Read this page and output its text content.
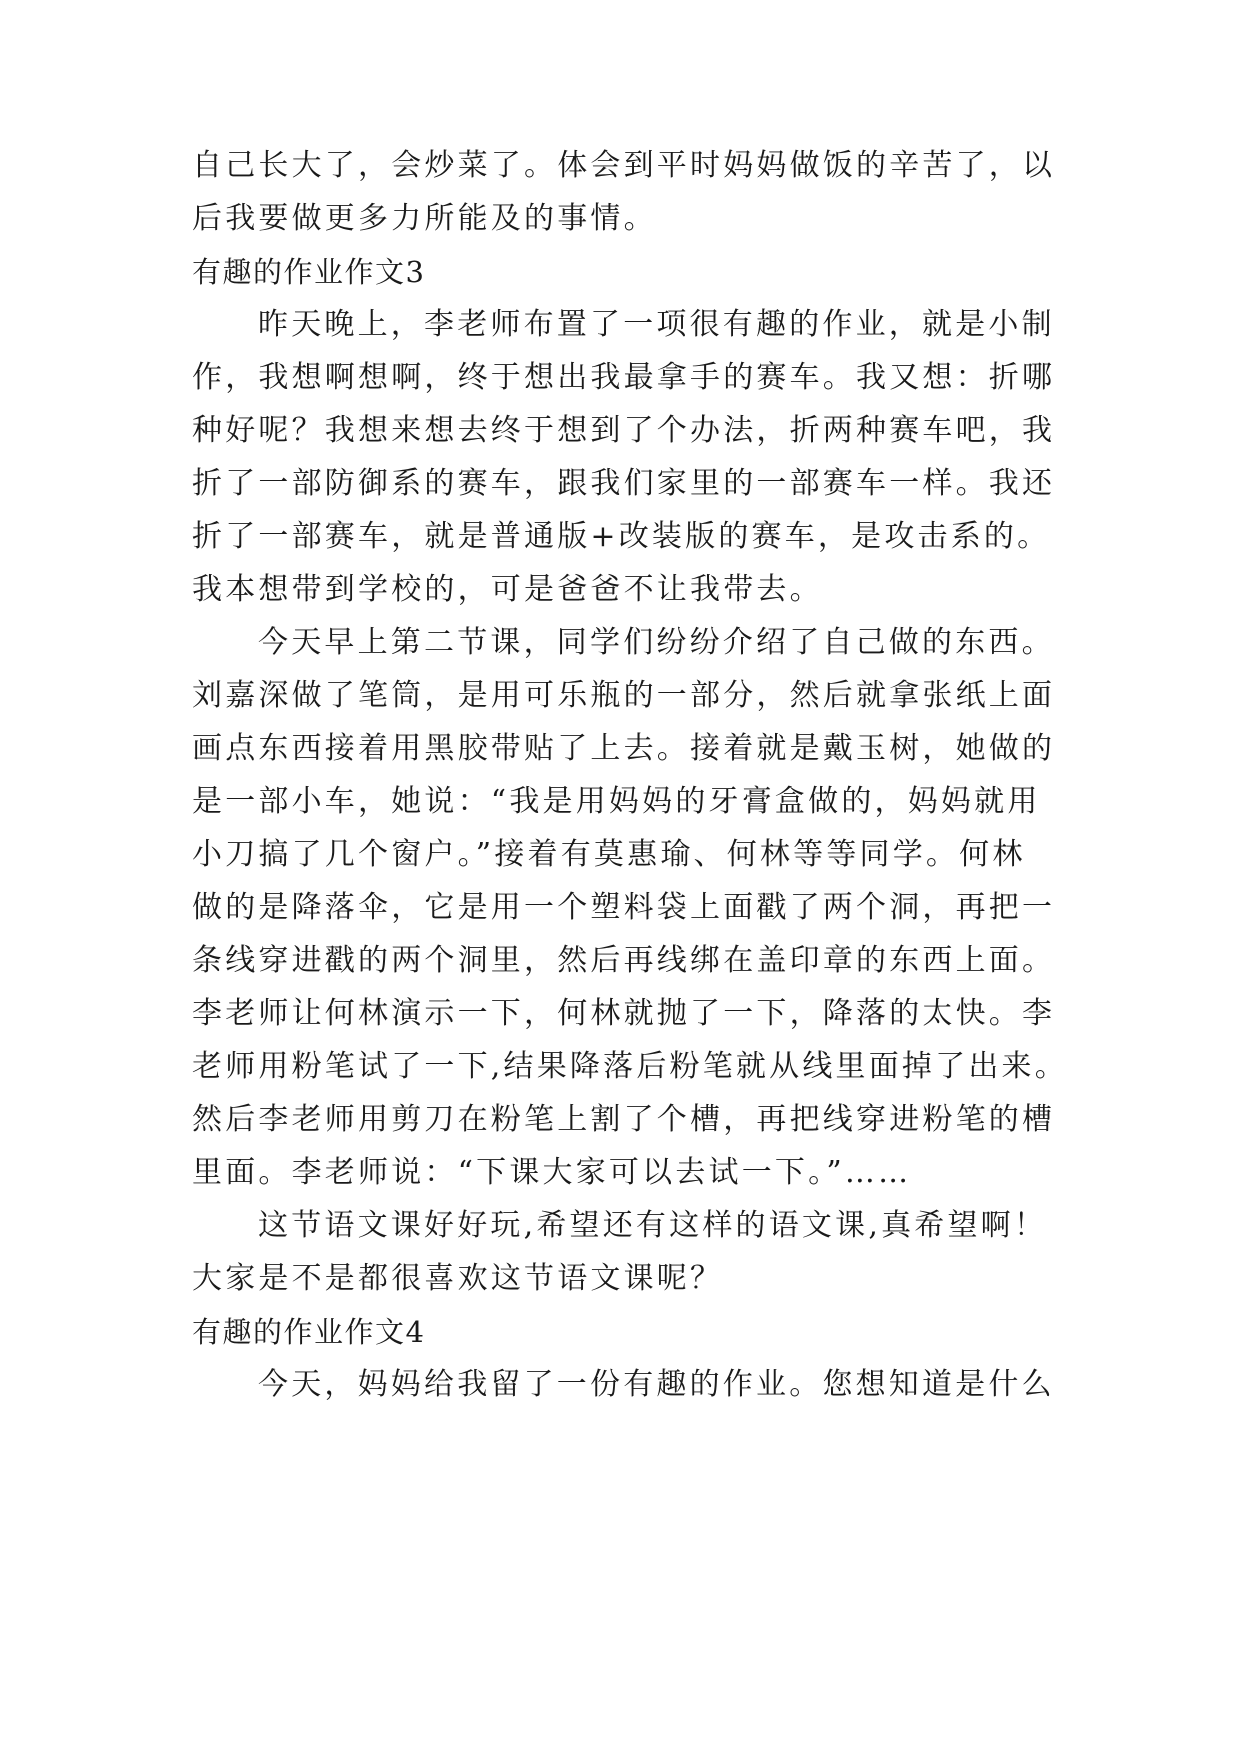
自己长大了，会炒菜了。体会到平时妈妈做饭的辛苦了，以
后我要做更多力所能及的事情。
有趣的作业作文3
昨天晚上，李老师布置了一项很有趣的作业，就是小制
作，我想啊想啊，终于想出我最拿手的赛车。我又想：折哪
种好呢？我想来想去终于想到了个办法，折两种赛车吧，我
折了一部防御系的赛车，跟我们家里的一部赛车一样。我还
折了一部赛车，就是普通版+改装版的赛车，是攻击系的。
我本想带到学校的，可是爸爸不让我带去。
今天早上第二节课，同学们纷纷介绍了自己做的东西。
刘嘉深做了笔筒，是用可乐瓶的一部分，然后就拿张纸上面
画点东西接着用黑胶带贴了上去。接着就是戴玉树，她做的
是一部小车，她说：“我是用妈妈的牙膏盒做的，妈妈就用
小刀搞了几个窗户。”接着有莫惠瑜、何林等等同学。何林
做的是降落伞，它是用一个塑料袋上面戳了两个洞，再把一
条线穿进戳的两个洞里，然后再线绑在盖印章的东西上面。
李老师让何林演示一下，何林就抛了一下，降落的太快。李
老师用粉笔试了一下,结果降落后粉笔就从线里面掉了出来。
然后李老师用剪刀在粉笔上割了个槽，再把线穿进粉笔的槽
里面。李老师说：“下课大家可以去试一下。”……
这节语文课好好玩,希望还有这样的语文课,真希望啊！
大家是不是都很喜欢这节语文课呢？
有趣的作业作文4
今天，妈妈给我留了一份有趣的作业。您想知道是什么
